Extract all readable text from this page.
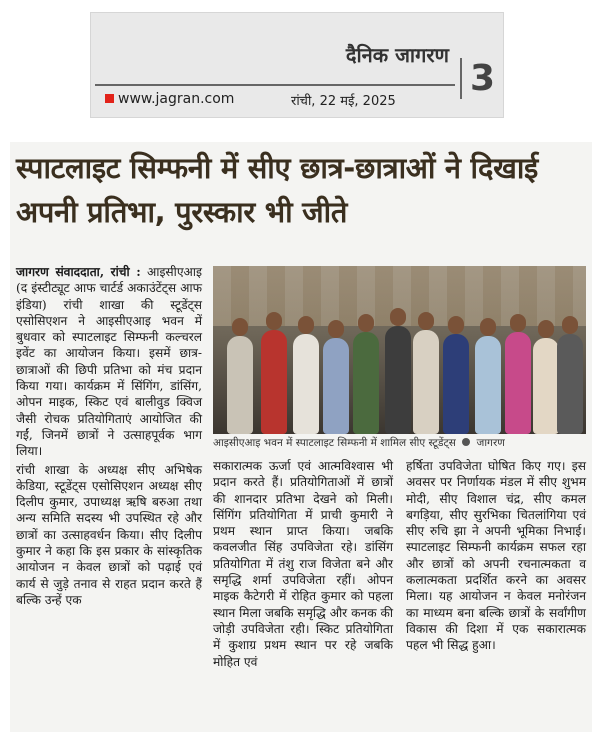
दैनिक जागरण
www.jagran.com	रांची, 22 मई, 2025
3
स्पाटलाइट सिम्फनी में सीए छात्र-छात्राओं ने दिखाई अपनी प्रतिभा, पुरस्कार भी जीते

जागरण संवाददाता, रांची : आइसीएआइ (द इंस्टीट्यूट आफ चार्टर्ड अकाउंटेंट्स आफ इंडिया) रांची शाखा की स्टूडेंट्स एसोसिएशन ने आइसीएआइ भवन में बुधवार को स्पाटलाइट सिम्फनी कल्चरल इवेंट का आयोजन किया। इसमें छात्र-छात्राओं की छिपी प्रतिभा को मंच प्रदान किया गया। कार्यक्रम में सिंगिंग, डांसिंग, ओपन माइक, स्किट एवं बालीवुड क्विज जैसी रोचक प्रतियोगिताएं आयोजित की गईं, जिनमें छात्रों ने उत्साहपूर्वक भाग लिया।

रांची शाखा के अध्यक्ष सीए अभिषेक केडिया, स्टूडेंट्स एसोसिएशन अध्यक्ष सीए दिलीप कुमार, उपाध्यक्ष ऋषि बरुआ तथा अन्य समिति सदस्य भी उपस्थित रहे और छात्रों का उत्साहवर्धन किया। सीए दिलीप कुमार ने कहा कि इस प्रकार के सांस्कृतिक आयोजन न केवल छात्रों को पढ़ाई एवं कार्य से जुड़े तनाव से राहत प्रदान करते हैं बल्कि उन्हें एक

आइसीएआइ भवन में स्पाटलाइट सिम्फनी में शामिल सीए स्टूडेंट्स जागरण
सकारात्मक ऊर्जा एवं आत्मविश्वास भी प्रदान करते हैं। प्रतियोगिताओं में छात्रों की शानदार प्रतिभा देखने को मिली। सिंगिंग प्रतियोगिता में प्राची कुमारी ने प्रथम स्थान प्राप्त किया। जबकि कवलजीत सिंह उपविजेता रहे। डांसिंग प्रतियोगिता में तंशु राज विजेता बने और समृद्धि शर्मा उपविजेता रहीं। ओपन माइक कैटेगरी में रोहित कुमार को पहला स्थान मिला जबकि समृद्धि और कनक की जोड़ी उपविजेता रही। स्किट प्रतियोगिता में कुशाग्र प्रथम स्थान पर रहे जबकि मोहित एवं
हर्षिता उपविजेता घोषित किए गए। इस अवसर पर निर्णायक मंडल में सीए शुभम मोदी, सीए विशाल चंद्र, सीए कमल बगड़िया, सीए सुरभिका चितलांगिया एवं सीए रुचि झा ने अपनी भूमिका निभाई। स्पाटलाइट सिम्फनी कार्यक्रम सफल रहा और छात्रों को अपनी रचनात्मकता व कलात्मकता प्रदर्शित करने का अवसर मिला। यह आयोजन न केवल मनोरंजन का माध्यम बना बल्कि छात्रों के सर्वांगीण विकास की दिशा में एक सकारात्मक पहल भी सिद्ध हुआ।
